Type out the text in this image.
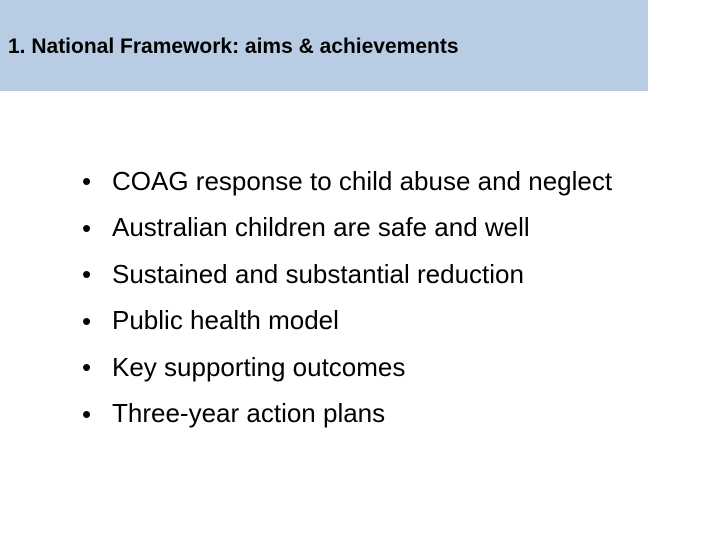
1. National Framework: aims & achievements
• COAG response to child abuse and neglect
• Australian children are safe and well
• Sustained and substantial reduction
• Public health model
• Key supporting outcomes
• Three-year action plans
